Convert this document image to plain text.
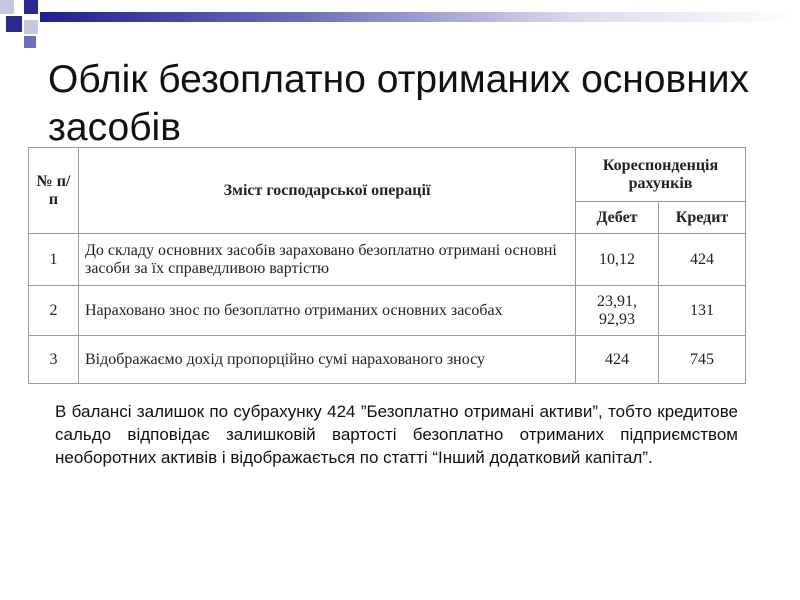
Облік безоплатно отриманих основних засобів
№ п/п	Зміст господарської операції	Кореспонденція рахунків	
		Дебет	Кредит
1	До складу основних засобів зараховано безоплатно отримані основні засоби за їх справедливою вартістю	10,12	424
2	Нараховано знос по безоплатно отриманих основних засобах	23,91, 92,93	131
3	Відображаємо дохід пропорційно сумі нарахованого зносу	424	745
В балансі залишок по субрахунку 424 ”Безоплатно отримані активи”, тобто кредитове сальдо відповідає залишковій вартості безоплатно отриманих підприємством необоротних активів і відображається по статті “Інший додатковий капітал”.
